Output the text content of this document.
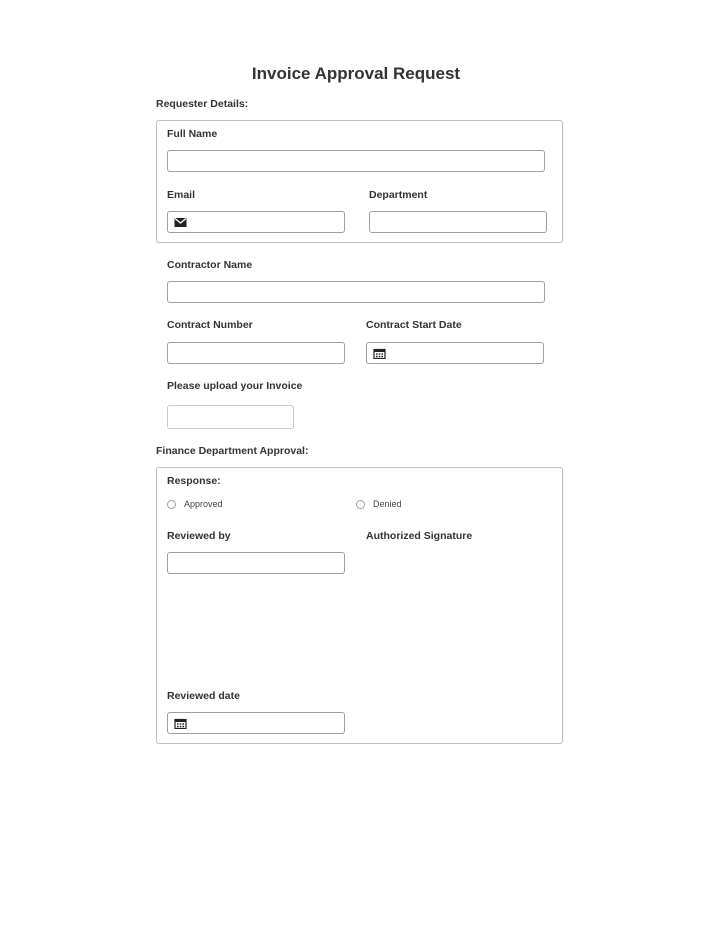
Invoice Approval Request
Requester Details:
Full Name
Email	Department
Contractor Name
Contract Number	Contract Start Date
Please upload your Invoice
Finance Department Approval:
Response:
Approved	Denied
Reviewed by	Authorized Signature
Reviewed date
